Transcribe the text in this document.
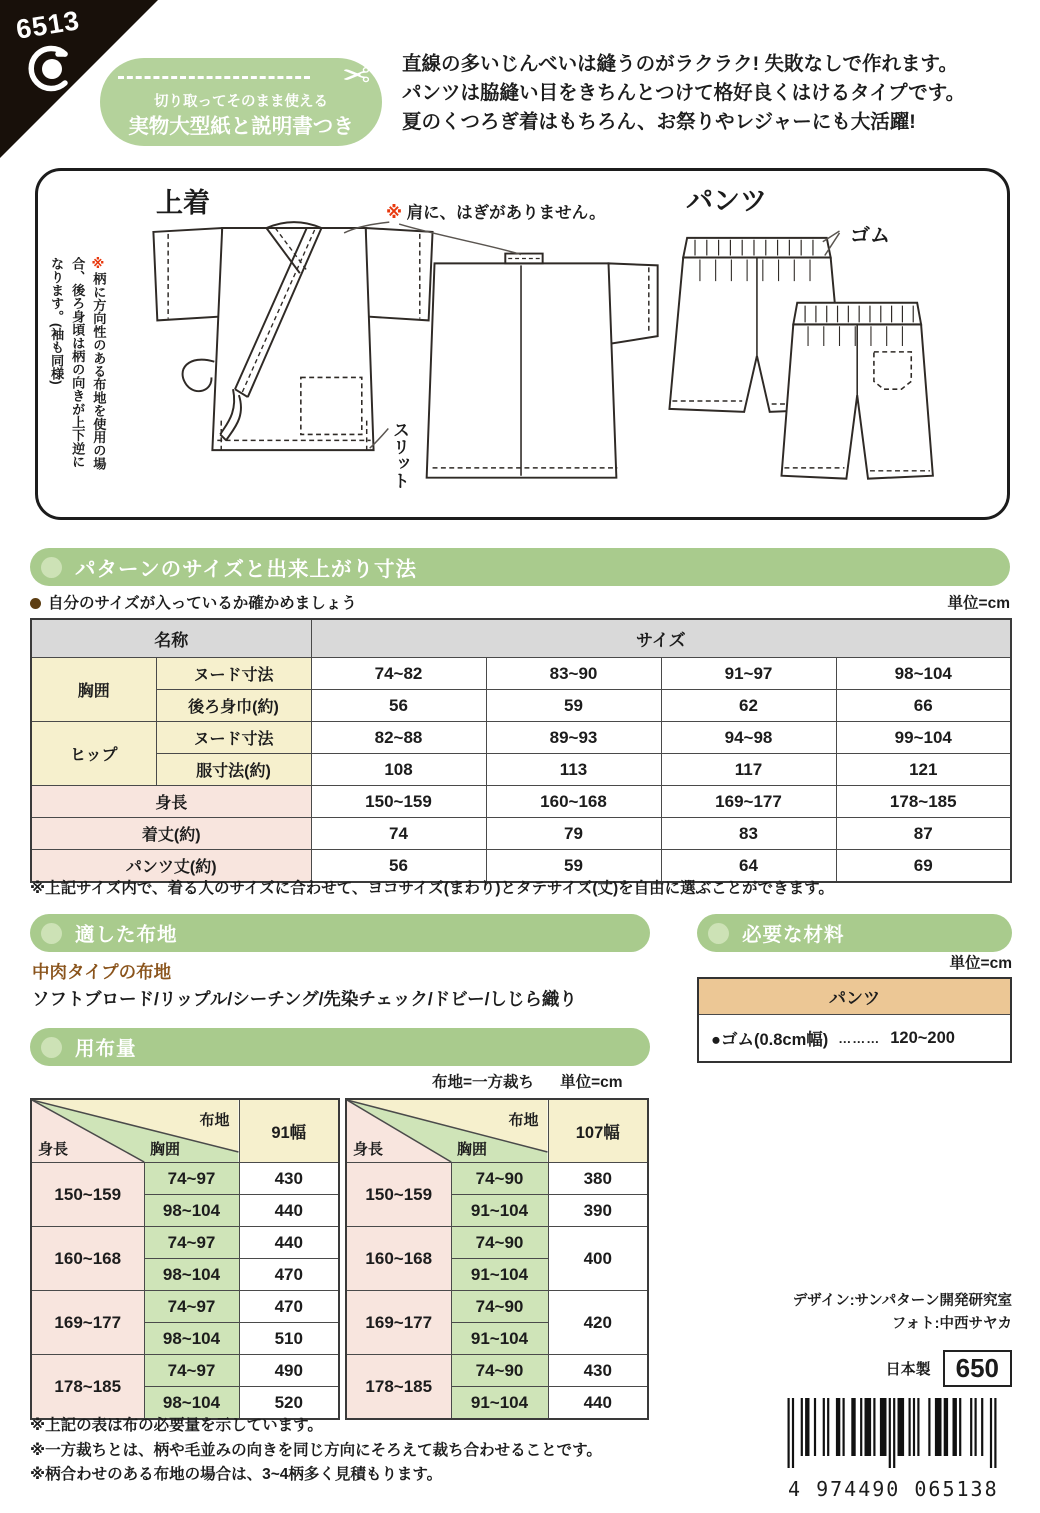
6513
✂
切り取ってそのまま使える
実物大型紙と説明書つき
直線の多いじんべいは縫うのがラクラク! 失敗なしで作れます。
パンツは脇縫い目をきちんとつけて格好良くはけるタイプです。
夏のくつろぎ着はもちろん、お祭りやレジャーにも大活躍!
上着	パンツ
※ 肩に、はぎがありません。
※柄に方向性のある布地を使用の場合、後ろ身頃は柄の向きが上下逆になります。(袖も同様)
スリット
ゴム
パターンのサイズと出来上がり寸法
自分のサイズが入っているか確かめましょう	単位=cm
名称		サイズ			
胸囲	ヌード寸法	74~82	83~90	91~97	98~104
	後ろ身巾(約)	56	59	62	66
ヒップ	ヌード寸法	82~88	89~93	94~98	99~104
	服寸法(約)	108	113	117	121
身長		150~159	160~168	169~177	178~185
着丈(約)		74	79	83	87
パンツ丈(約)		56	59	64	69
※上記サイズ内で、着る人のサイズに合わせて、ヨコサイズ(まわり)とタテサイズ(丈)を自由に選ぶことができます。
適した布地
中肉タイプの布地
ソフトブロード/リップル/シーチング/先染チェック/ドビー/しじら織り
必要な材料
単位=cm
パンツ
●ゴム(0.8cm幅) ……… 120~200
用布量
布地=一方裁ち 単位=cm
身長 胸囲
布地		91幅
150~159	74~97	430
	98~104	440
160~168	74~97	440
	98~104	470
169~177	74~97	470
	98~104	510
178~185	74~97	490
	98~104	520
身長 胸囲
布地		107幅
150~159	74~90	380
	91~104	390
160~168	74~90	400
	91~104	
169~177	74~90	420
	91~104	
178~185	74~90	430
	91~104	440
※上記の表は布の必要量を示しています。
※一方裁ちとは、柄や毛並みの向きを同じ方向にそろえて裁ち合わせることです。
※柄合わせのある布地の場合は、3~4柄多く見積もります。
デザイン:サンパターン開発研究室
フォト:中西サヤカ
日本製 650
4 974490 065138
